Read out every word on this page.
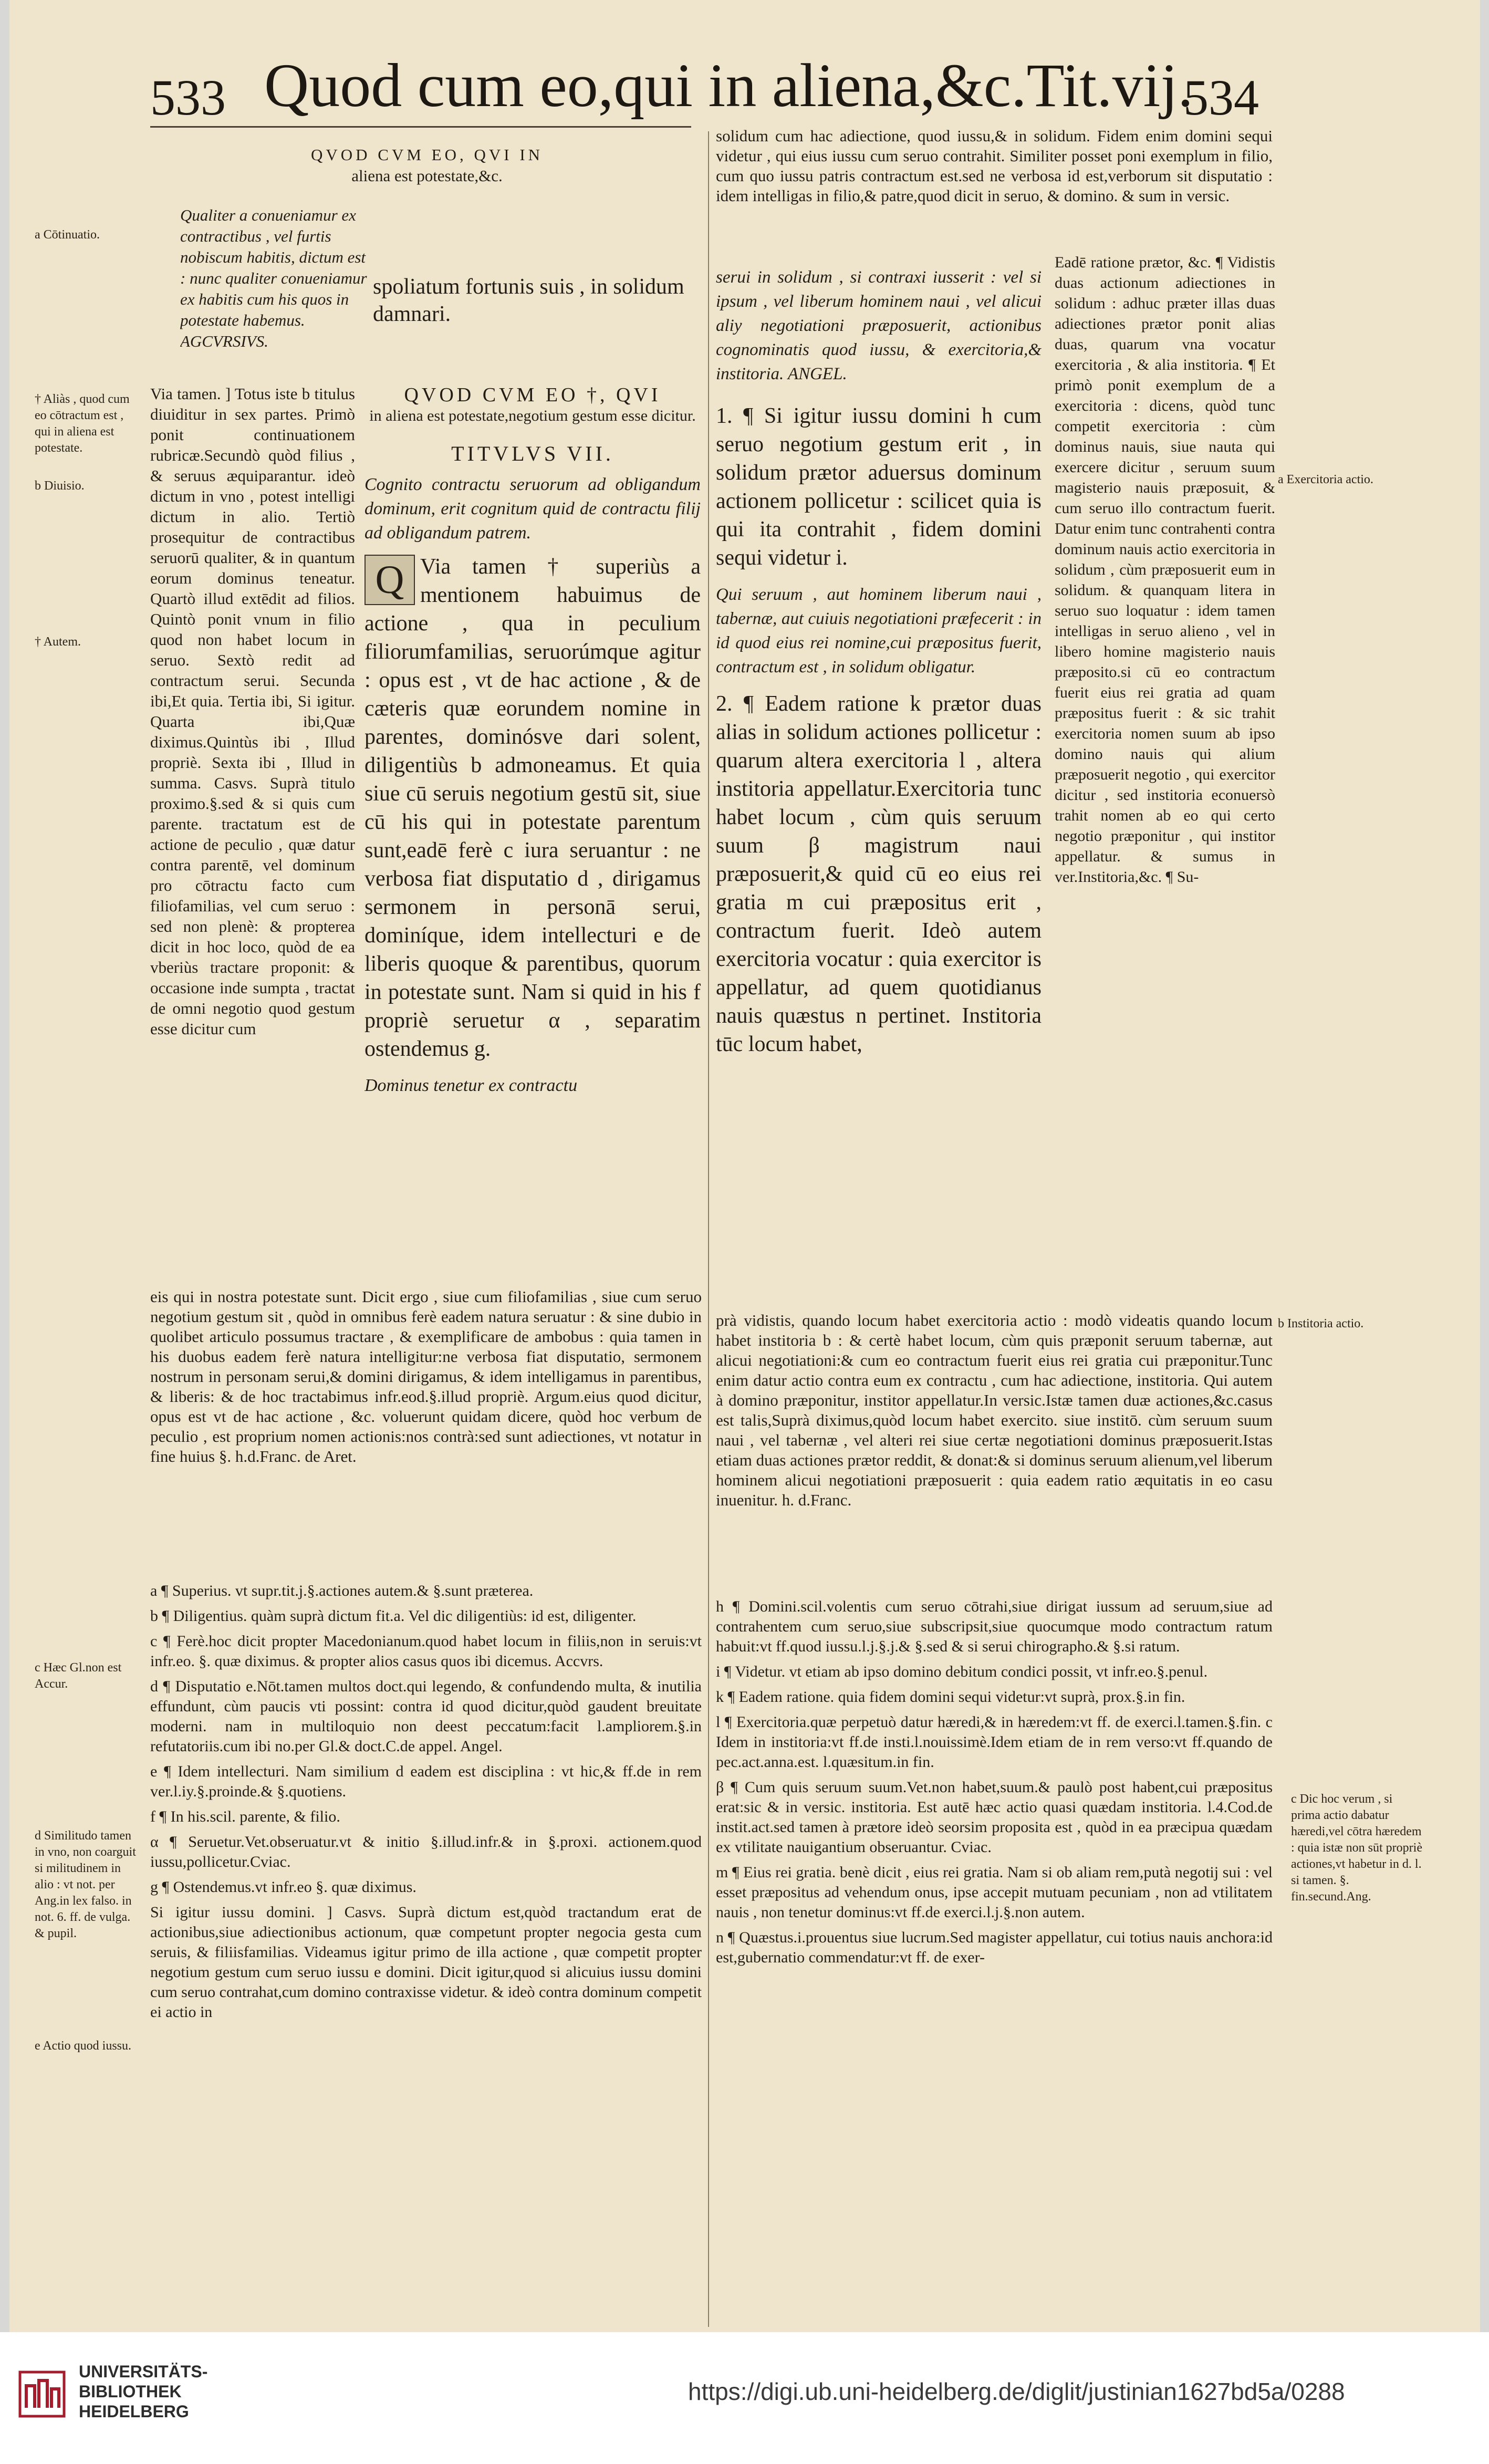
533 Quod cum eo,qui in aliena,&c.Tit.vij.
534
QVOD CVM EO, QVI IN
aliena est potestate,&c.
Qualiter a conueniamur ex contractibus , vel furtis nobiscum habitis, dictum est : nunc qualiter conueniamur ex habitis cum his quos in potestate habemus. AGCVRSIVS.
spoliatum fortunis suis , in solidum damnari.
Via tamen. ] Totus iste b titulus diuiditur in sex partes. Primò ponit continuationem rubricæ.Secundò quòd filius , & seruus æquiparantur. ideò dictum in vno , potest intelligi dictum in alio. Tertiò prosequitur de contractibus seruorū qualiter, & in quantum eorum dominus teneatur. Quartò illud extēdit ad filios. Quintò ponit vnum in filio quod non habet locum in seruo. Sextò redit ad contractum serui. Secunda ibi,Et quia. Tertia ibi, Si igitur. Quarta ibi,Quæ diximus.Quintùs ibi , Illud propriè. Sexta ibi , Illud in summa. Casvs. Suprà titulo proximo.§.sed & si quis cum parente. tractatum est de actione de peculio , quæ datur contra parentē, vel dominum pro cōtractu facto cum filiofamilias, vel cum seruo : sed non plenè: & propterea dicit in hoc loco, quòd de ea vberiùs tractare proponit: & occasione inde sumpta , tractat de omni negotio quod gestum esse dicitur cum
QVOD CVM EO †, QVI
in aliena est potestate,negotium gestum esse dicitur.
TITVLVS VII.
Cognito contractu seruorum ad obligandum dominum, erit cognitum quid de contractu filij ad obligandum patrem.
Q Via tamen † superiùs a mentionem habuimus de actione , qua in peculium filiorumfamilias, seruorúmque agitur : opus est , vt de hac actione , & de cæteris quæ eorundem nomine in parentes, dominósve dari solent, diligentiùs b admoneamus. Et quia siue cū seruis negotium gestū sit, siue cū his qui in potestate parentum sunt,eadē ferè c iura seruantur : ne verbosa fiat disputatio d , dirigamus sermonem in personā serui, dominíque, idem intellecturi e de liberis quoque & parentibus, quorum in potestate sunt. Nam si quid in his f propriè seruetur α , separatim ostendemus g.
Dominus tenetur ex contractu
eis qui in nostra potestate sunt. Dicit ergo , siue cum filiofamilias , siue cum seruo negotium gestum sit , quòd in omnibus ferè eadem natura seruatur : & sine dubio in quolibet articulo possumus tractare , & exemplificare de ambobus : quia tamen in his duobus eadem ferè natura intelligitur:ne verbosa fiat disputatio, sermonem nostrum in personam serui,& domini dirigamus, & idem intelligamus in parentibus, & liberis: & de hoc tractabimus infr.eod.§.illud propriè. Argum.eius quod dicitur, opus est vt de hac actione , &c. voluerunt quidam dicere, quòd hoc verbum de peculio , est proprium nomen actionis:nos contrà:sed sunt adiectiones, vt notatur in fine huius §. h.d.Franc. de Aret.

a ¶ Superius. vt supr.tit.j.§.actiones autem.& §.sunt præterea.

b ¶ Diligentius. quàm suprà dictum fit.a. Vel dic diligentiùs: id est, diligenter.

c ¶ Ferè.hoc dicit propter Macedonianum.quod habet locum in filiis,non in seruis:vt infr.eo. §. quæ diximus. & propter alios casus quos ibi dicemus. Accvrs.

d ¶ Disputatio e.Nōt.tamen multos doct.qui legendo, & confundendo multa, & inutilia effundunt, cùm paucis vti possint: contra id quod dicitur,quòd gaudent breuitate moderni. nam in multiloquio non deest peccatum:facit l.ampliorem.§.in refutatoriis.cum ibi no.per Gl.& doct.C.de appel. Angel.

e ¶ Idem intellecturi. Nam similium d eadem est disciplina : vt hic,& ff.de in rem ver.l.iy.§.proinde.& §.quotiens.

f ¶ In his.scil. parente, & filio.

α ¶ Seruetur.Vet.obseruatur.vt & initio §.illud.infr.& in §.proxi. actionem.quod iussu,pollicetur.Cviac.

g ¶ Ostendemus.vt infr.eo §. quæ diximus.

Si igitur iussu domini. ] Casvs. Suprà dictum est,quòd tractandum erat de actionibus,siue adiectionibus actionum, quæ competunt propter negocia gesta cum seruis, & filiisfamilias. Videamus igitur primo de illa actione , quæ competit propter negotium gestum cum seruo iussu e domini. Dicit igitur,quod si alicuius iussu domini cum seruo contrahat,cum domino contraxisse videtur. & ideò contra dominum competit ei actio in

solidum cum hac adiectione, quod iussu,& in solidum. Fidem enim domini sequi videtur , qui eius iussu cum seruo contrahit. Similiter posset poni exemplum in filio, cum quo iussu patris contractum est.sed ne verbosa id est,verborum sit disputatio : idem intelligas in filio,& patre,quod dicit in seruo, & domino. & sum in versic.
serui in solidum , si contraxi iusserit : vel si ipsum , vel liberum hominem naui , vel alicui aliy negotiationi præposuerit, actionibus cognominatis quod iussu, & exercitoria,& institoria. ANGEL.

1. ¶ Si igitur iussu domini h cum seruo negotium gestum erit , in solidum prætor aduersus dominum actionem pollicetur : scilicet quia is qui ita contrahit , fidem domini sequi videtur i.

Qui seruum , aut hominem liberum naui , tabernæ, aut cuiuis negotiationi præfecerit : in id quod eius rei nomine,cui præpositus fuerit, contractum est , in solidum obligatur.

2. ¶ Eadem ratione k prætor duas alias in solidum actiones pollicetur : quarum altera exercitoria l , altera institoria appellatur.Exercitoria tunc habet locum , cùm quis seruum suum β magistrum naui præposuerit,& quid cū eo eius rei gratia m cui præpositus erit , contractum fuerit. Ideò autem exercitoria vocatur : quia exercitor is appellatur, ad quem quotidianus nauis quæstus n pertinet. Institoria tūc locum habet,

Eadē ratione prætor, &c. ¶ Vidistis duas actionum adiectiones in solidum : adhuc præter illas duas adiectiones prætor ponit alias duas, quarum vna vocatur exercitoria , & alia institoria. ¶ Et primò ponit exemplum de a exercitoria : dicens, quòd tunc competit exercitoria : cùm dominus nauis, siue nauta qui exercere dicitur , seruum suum magisterio nauis præposuit, & cum seruo illo contractum fuerit. Datur enim tunc contrahenti contra dominum nauis actio exercitoria in solidum , cùm præposuerit eum in solidum. & quanquam litera in seruo suo loquatur : idem tamen intelligas in seruo alieno , vel in libero homine magisterio nauis præposito.si cū eo contractum fuerit eius rei gratia ad quam præpositus fuerit : & sic trahit exercitoria nomen suum ab ipso domino nauis qui alium præposuerit negotio , qui exercitor dicitur , sed institoria econuersò trahit nomen ab eo qui certo negotio præponitur , qui institor appellatur. & sumus in ver.Institoria,&c. ¶ Su-
prà vidistis, quando locum habet exercitoria actio : modò videatis quando locum habet institoria b : & certè habet locum, cùm quis præponit seruum tabernæ, aut alicui negotiationi:& cum eo contractum fuerit eius rei gratia cui præponitur.Tunc enim datur actio contra eum ex contractu , cum hac adiectione, institoria. Qui autem à domino præponitur, institor appellatur.In versic.Istæ tamen duæ actiones,&c.casus est talis,Suprà diximus,quòd locum habet exercito. siue institō. cùm seruum suum naui , vel tabernæ , vel alteri rei siue certæ negotiationi dominus præposuerit.Istas etiam duas actiones prætor reddit, & donat:& si dominus seruum alienum,vel liberum hominem alicui negotiationi præposuerit : quia eadem ratio æquitatis in eo casu inuenitur. h. d.Franc.

h ¶ Domini.scil.volentis cum seruo cōtrahi,siue dirigat iussum ad seruum,siue ad contrahentem cum seruo,siue subscripsit,siue quocumque modo contractum ratum habuit:vt ff.quod iussu.l.j.§.j.& §.sed & si serui chirographo.& §.si ratum.

i ¶ Videtur. vt etiam ab ipso domino debitum condici possit, vt infr.eo.§.penul.

k ¶ Eadem ratione. quia fidem domini sequi videtur:vt suprà, prox.§.in fin.

l ¶ Exercitoria.quæ perpetuò datur hæredi,& in hæredem:vt ff. de exerci.l.tamen.§.fin. c Idem in institoria:vt ff.de insti.l.nouissimè.Idem etiam de in rem verso:vt ff.quando de pec.act.anna.est. l.quæsitum.in fin.

β ¶ Cum quis seruum suum.Vet.non habet,suum.& paulò post habent,cui præpositus erat:sic & in versic. institoria. Est autē hæc actio quasi quædam institoria. l.4.Cod.de instit.act.sed tamen à prætore ideò seorsim proposita est , quòd in ea præcipua quædam ex vtilitate nauigantium obseruantur. Cviac.

m ¶ Eius rei gratia. benè dicit , eius rei gratia. Nam si ob aliam rem,putà negotij sui : vel esset præpositus ad vehendum onus, ipse accepit mutuam pecuniam , non ad vtilitatem nauis , non tenetur dominus:vt ff.de exerci.l.j.§.non autem.

n ¶ Quæstus.i.prouentus siue lucrum.Sed magister appellatur, cui totius nauis anchora:id est,gubernatio commendatur:vt ff. de exer-

a Cōtinuatio.
† Aliàs , quod cum eo cōtractum est , qui in aliena est potestate.
b Diuisio.
† Autem.
c Hæc Gl.non est Accur.
d Similitudo tamen in vno, non coarguit si militudinem in alio : vt not. per Ang.in lex falso. in not. 6. ff. de vulga. & pupil.
e Actio quod iussu.
a Exercitoria actio.
b Institoria actio.
c Dic hoc verum , si prima actio dabatur hæredi,vel cōtra hæredem : quia istæ non sūt propriè actiones,vt habetur in d. l. si tamen. §. fin.secund.Ang.
UNIVERSITÄTS-
BIBLIOTHEK
HEIDELBERG
https://digi.ub.uni-heidelberg.de/diglit/justinian1627bd5a/0288
